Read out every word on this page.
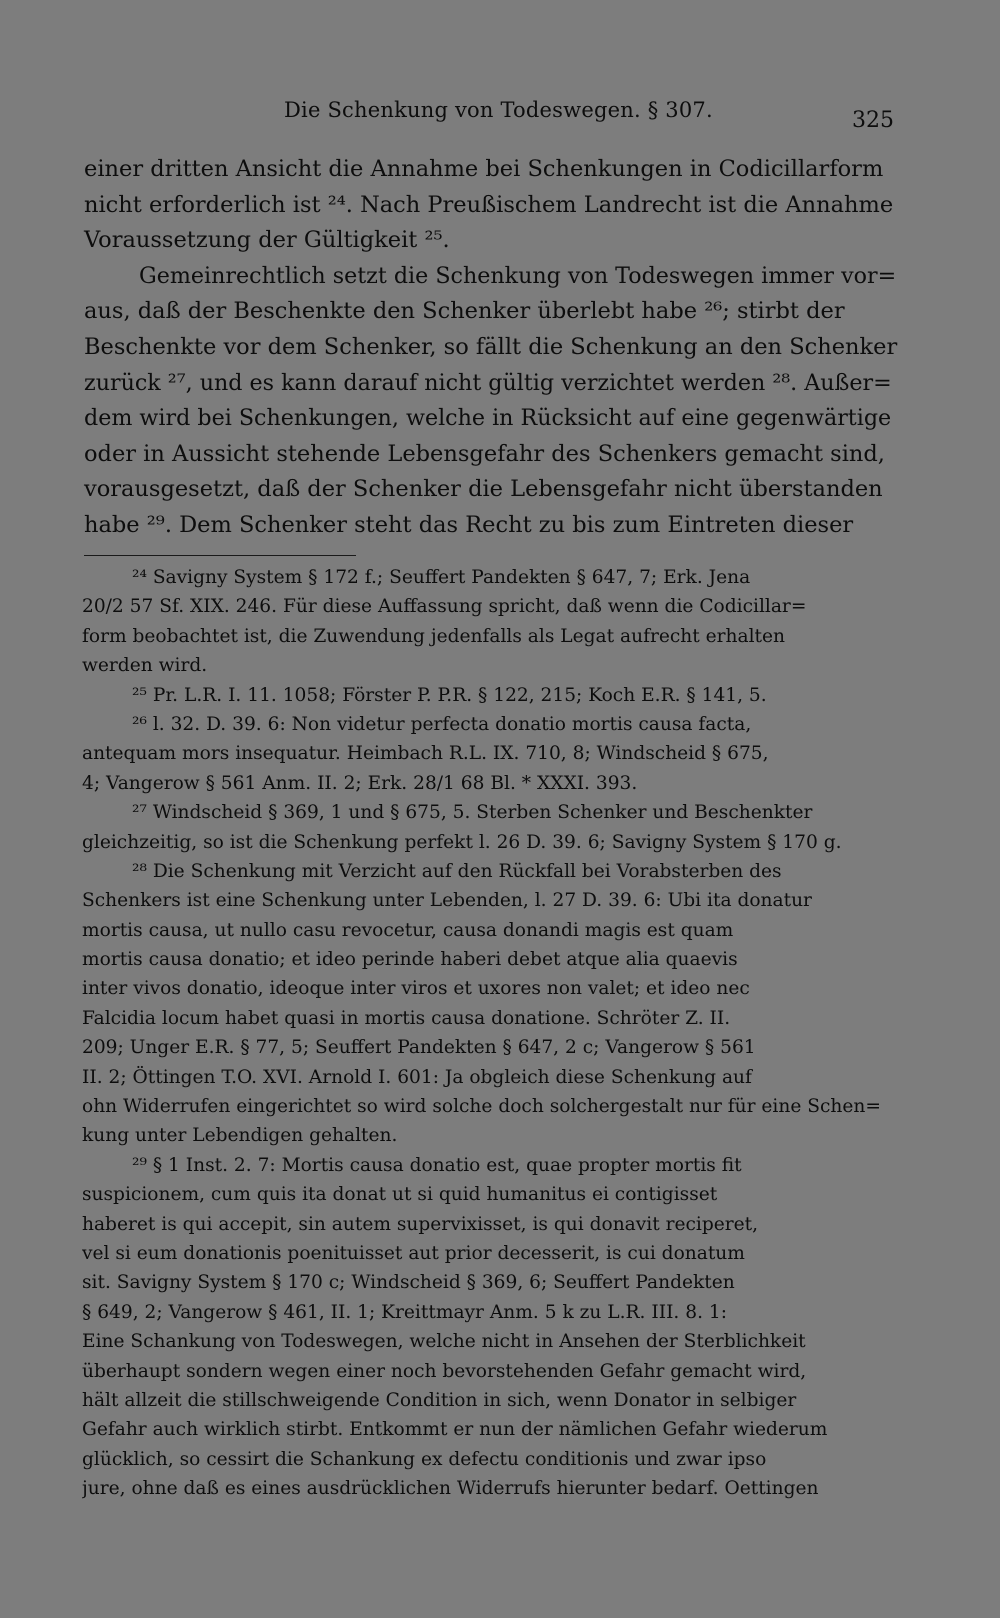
Die Schenkung von Todeswegen. § 307.	325
einer dritten Ansicht die Annahme bei Schenkungen in Codicillarform
nicht erforderlich ist ²⁴. Nach Preußischem Landrecht ist die Annahme
Voraussetzung der Gültigkeit ²⁵.
Gemeinrechtlich setzt die Schenkung von Todeswegen immer vor=
aus, daß der Beschenkte den Schenker überlebt habe ²⁶; stirbt der
Beschenkte vor dem Schenker, so fällt die Schenkung an den Schenker
zurück ²⁷, und es kann darauf nicht gültig verzichtet werden ²⁸. Außer=
dem wird bei Schenkungen, welche in Rücksicht auf eine gegenwärtige
oder in Aussicht stehende Lebensgefahr des Schenkers gemacht sind,
vorausgesetzt, daß der Schenker die Lebensgefahr nicht überstanden
habe ²⁹. Dem Schenker steht das Recht zu bis zum Eintreten dieser
²⁴ Savigny System § 172 f.; Seuffert Pandekten § 647, 7; Erk. Jena
20/2 57 Sf. XIX. 246. Für diese Auffassung spricht, daß wenn die Codicillar=
form beobachtet ist, die Zuwendung jedenfalls als Legat aufrecht erhalten
werden wird.
²⁵ Pr. L.R. I. 11. 1058; Förster P. P.R. § 122, 215; Koch E.R. § 141, 5.
²⁶ l. 32. D. 39. 6: Non videtur perfecta donatio mortis causa facta,
antequam mors insequatur. Heimbach R.L. IX. 710, 8; Windscheid § 675,
4; Vangerow § 561 Anm. II. 2; Erk. 28/1 68 Bl. * XXXI. 393.
²⁷ Windscheid § 369, 1 und § 675, 5. Sterben Schenker und Beschenkter
gleichzeitig, so ist die Schenkung perfekt l. 26 D. 39. 6; Savigny System § 170 g.
²⁸ Die Schenkung mit Verzicht auf den Rückfall bei Vorabsterben des
Schenkers ist eine Schenkung unter Lebenden, l. 27 D. 39. 6: Ubi ita donatur
mortis causa, ut nullo casu revocetur, causa donandi magis est quam
mortis causa donatio; et ideo perinde haberi debet atque alia quaevis
inter vivos donatio, ideoque inter viros et uxores non valet; et ideo nec
Falcidia locum habet quasi in mortis causa donatione. Schröter Z. II.
209; Unger E.R. § 77, 5; Seuffert Pandekten § 647, 2 c; Vangerow § 561
II. 2; Öttingen T.O. XVI. Arnold I. 601: Ja obgleich diese Schenkung auf
ohn Widerrufen eingerichtet so wird solche doch solchergestalt nur für eine Schen=
kung unter Lebendigen gehalten.
²⁹ § 1 Inst. 2. 7: Mortis causa donatio est, quae propter mortis fit
suspicionem, cum quis ita donat ut si quid humanitus ei contigisset
haberet is qui accepit, sin autem supervixisset, is qui donavit reciperet,
vel si eum donationis poenituisset aut prior decesserit, is cui donatum
sit. Savigny System § 170 c; Windscheid § 369, 6; Seuffert Pandekten
§ 649, 2; Vangerow § 461, II. 1; Kreittmayr Anm. 5 k zu L.R. III. 8. 1:
Eine Schankung von Todeswegen, welche nicht in Ansehen der Sterblichkeit
überhaupt sondern wegen einer noch bevorstehenden Gefahr gemacht wird,
hält allzeit die stillschweigende Condition in sich, wenn Donator in selbiger
Gefahr auch wirklich stirbt. Entkommt er nun der nämlichen Gefahr wiederum
glücklich, so cessirt die Schankung ex defectu conditionis und zwar ipso
jure, ohne daß es eines ausdrücklichen Widerrufs hierunter bedarf. Oettingen
